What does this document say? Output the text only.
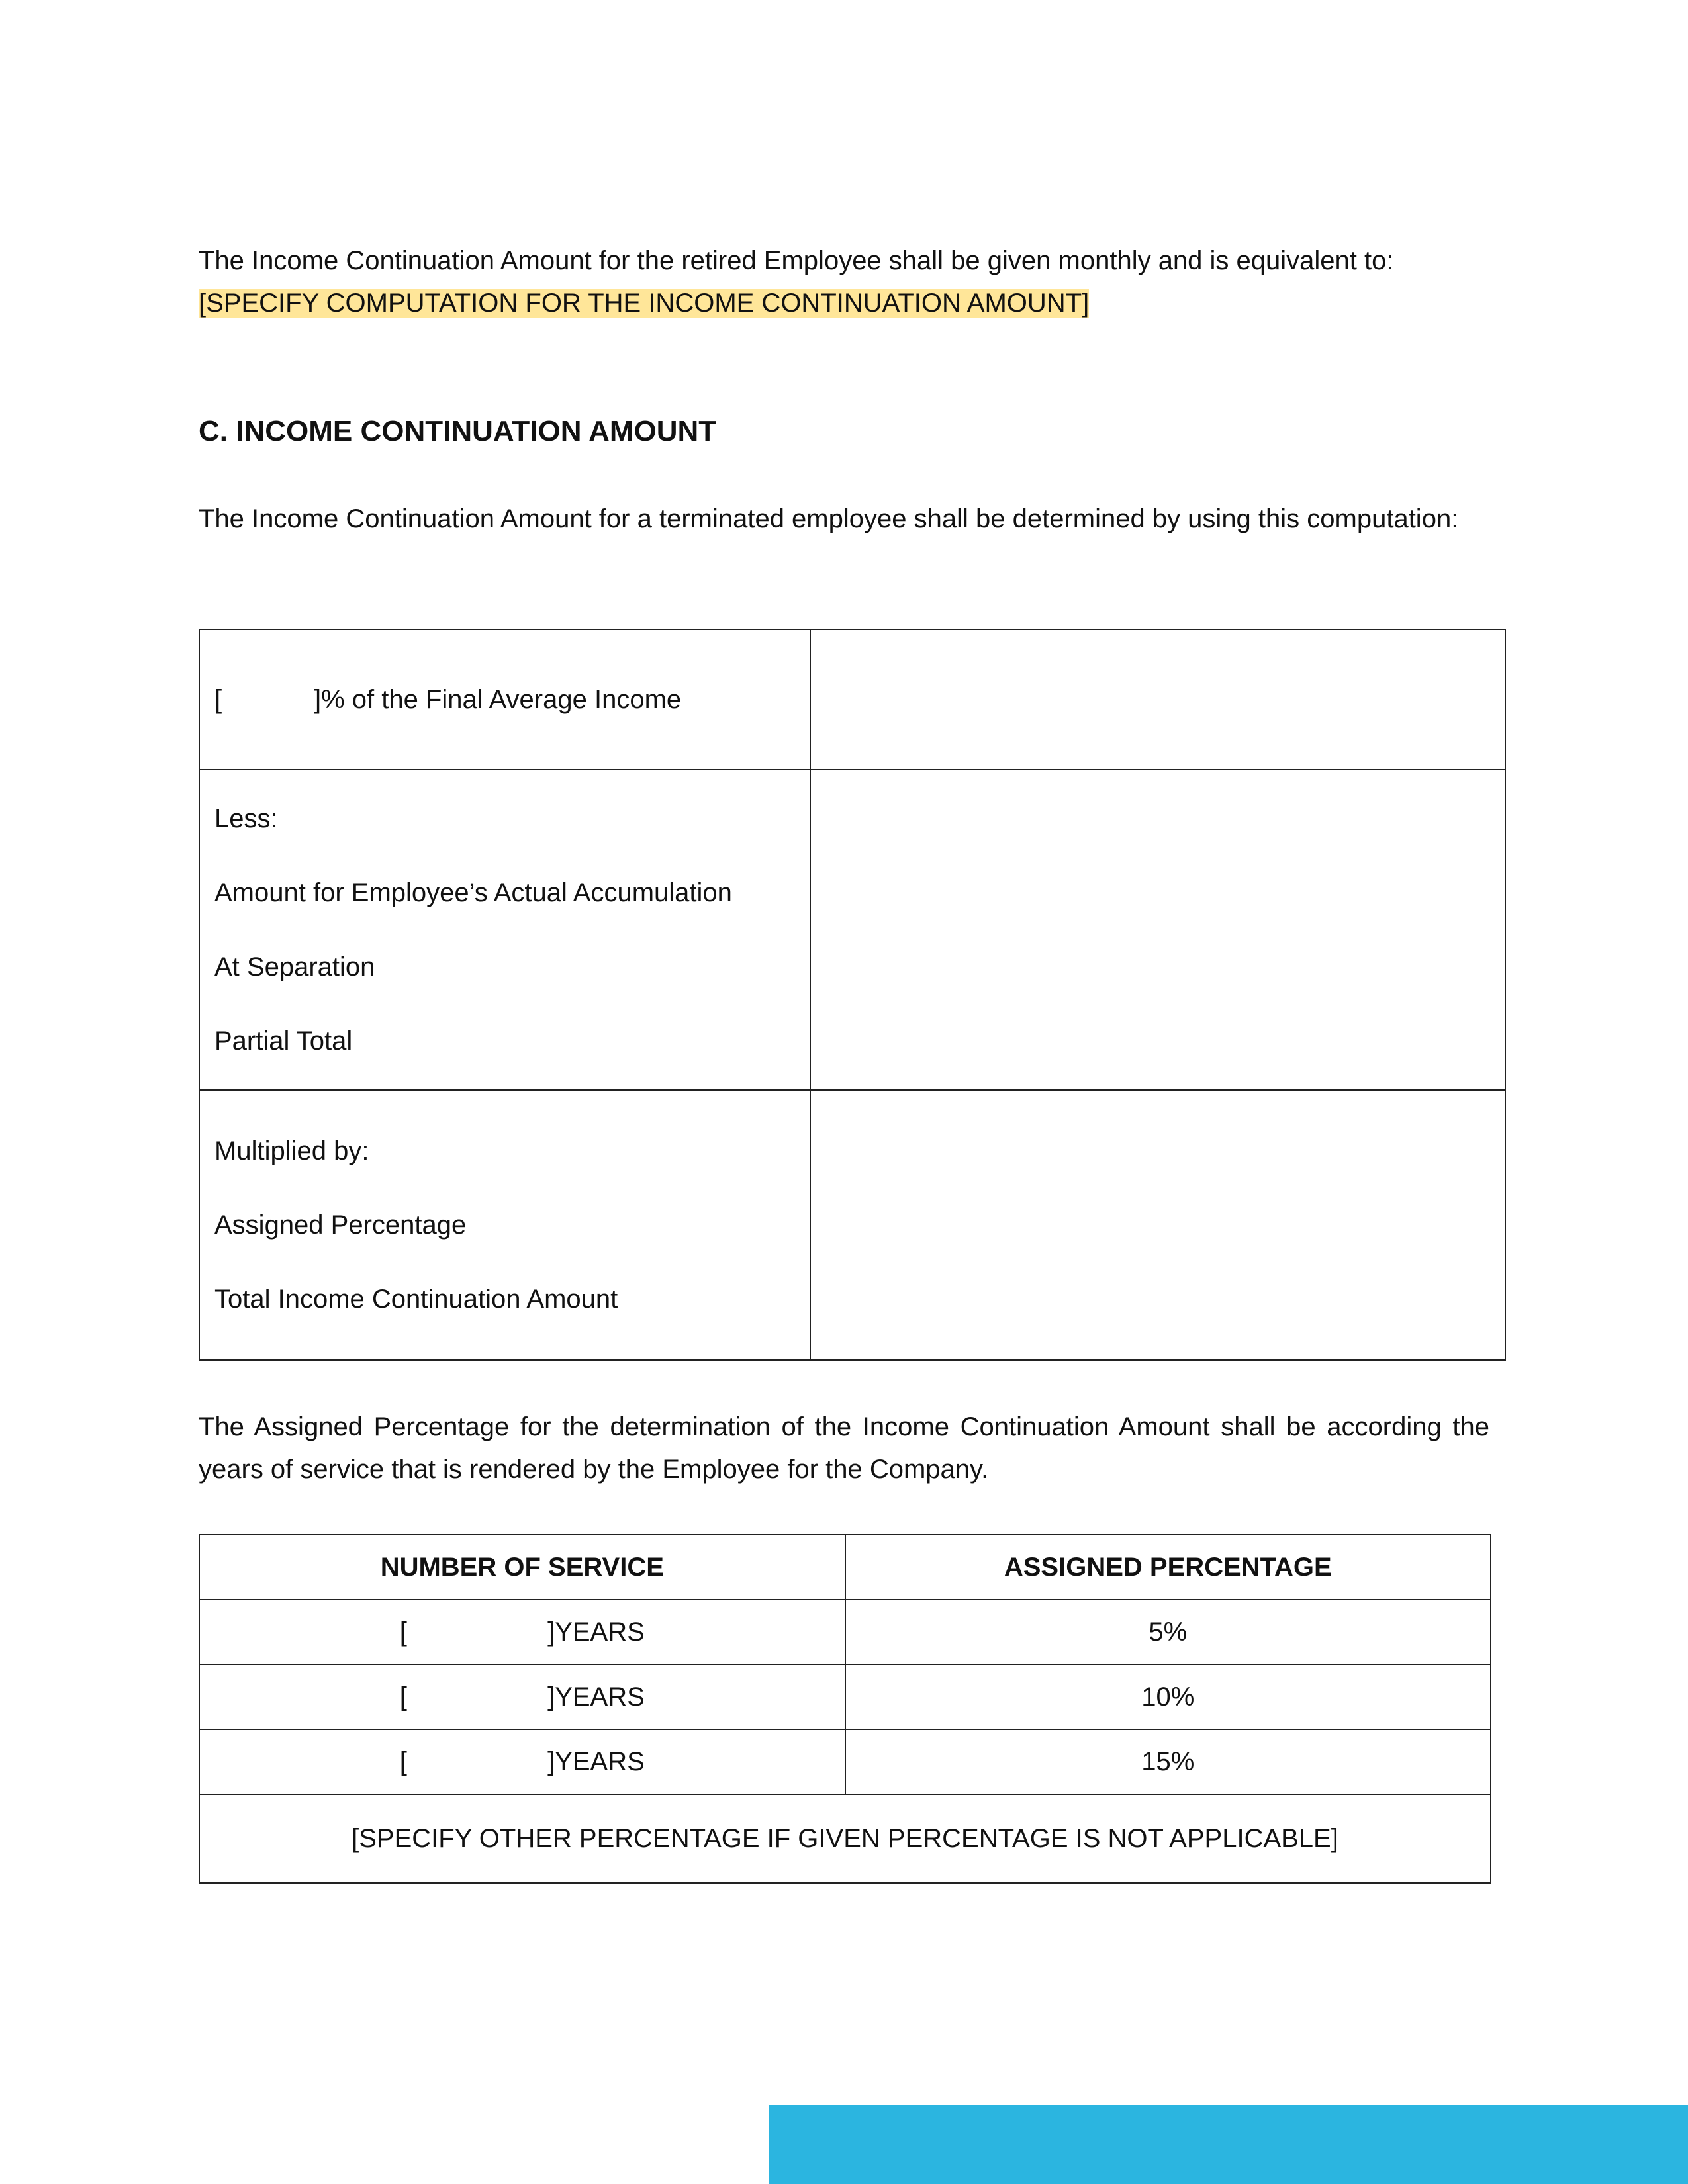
The Income Continuation Amount for the retired Employee shall be given monthly and is equivalent to:
[SPECIFY COMPUTATION FOR THE INCOME CONTINUATION AMOUNT]

C. INCOME CONTINUATION AMOUNT

The Income Continuation Amount for a terminated employee shall be determined by using this computation:

[ ]% of the Final Average Income	

Less:
Amount for Employee’s Actual Accumulation
At Separation
Partial Total	

Multiplied by:
Assigned Percentage
Total Income Continuation Amount	

The Assigned Percentage for the determination of the Income Continuation Amount shall be according the years of service that is rendered by the Employee for the Company.

NUMBER OF SERVICE	ASSIGNED PERCENTAGE

[ ]YEARS	5%

[ ]YEARS	10%

[ ]YEARS	15%
[SPECIFY OTHER PERCENTAGE IF GIVEN PERCENTAGE IS NOT APPLICABLE]	
